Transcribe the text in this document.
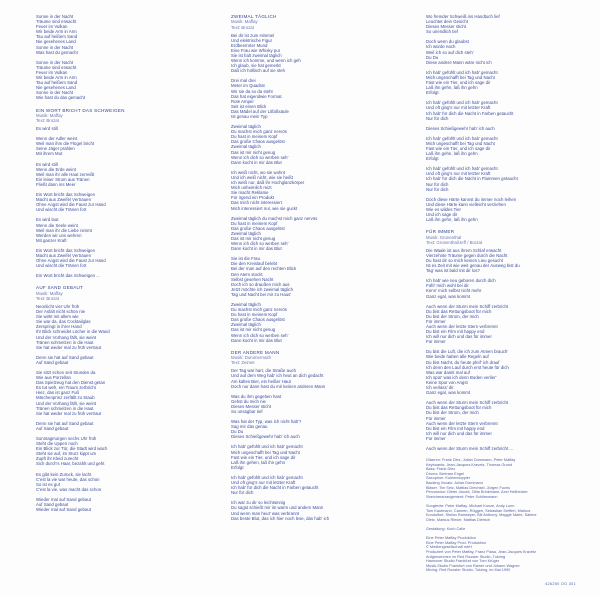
Sonne in der Nacht
Träume sind erwacht
Feuer im Vulkan
Wir beide Arm in Arm
Tau auf heißem Sand
Nie gesehenes Land
Sonne in der Nacht
Was hast du gemacht
Sonne in der Nacht
Träume sind erwacht
Feuer im Vulkan
Wir beide Arm in Arm
Tau auf heißem Sand
Nie gesehenes Land
Sonne in der Nacht
Wie hast du das gemacht
EIN WORT BRICHT DAS SCHWEIGEN
Musik: Maffay
Text: Brozat
Es wird still
Wenn der Adler weint
Weil man ihm die Flügel bricht
Seine Jäger prahlen
Mit ihrem Mut
Es wird still
Wenn die Erde weint
Weil man ihr alle Haut zerreißt
Ein leiser Strom aus Tränen
Fließt dann ins Meer
Ein Wort bricht das Schweigen
Macht aus Zweifel Vertrauen
Ohne Angst wird die Faust zur Hand
Und wischt die Tränen fort
Es wird laut
Wenn die Seele weint
Weil man ihr die Liebe nimmt
Werden wir uns wehren
Mit ganzer Kraft
Ein Wort bricht das Schweigen
Macht aus Zweifel Vertrauen
Ohne Angst wird die Faust zur Hand
Und wischt die Tränen fort
Ein Wort bricht das Schweigen ...
AUF SAND GEBAUT
Musik: Maffay
Text: Brozat
Neonlicht vier Uhr früh
Der Asfalt nicht schön nie
Sie wirkt mit allem wie
Sie war da, das Cocktailglas
Zerspringt in ihrer Hand
Ihr Blick schneidet Löcher in die Wand
Und der Vorhang fällt, sie weint
Tränen schmelzen in die Haut
Sie hat weder mal zu früh vertraut
Denn sie hat auf Sand gebaut
Auf Sand gebaut
Sie sitzt schon seit Stunden da
Wie aus Porzellan
Das Spielzeug hat den Dienst getan
Es tut weh, ein Traum zerbricht
Hiez, das ist ganz Fuß
Märchenprinz zerfällt zu Staub
Und der Vorhang fällt, sie weint
Tränen schmelzen in die Haut
Sie hat weder mal zu früh vertraut
Denn sie hat auf Sand gebaut
Auf Sand gebaut
Sonntagmorgen sechs Uhr früh
Steht die Uppen noch
Ein Blick zur Tür, die Stadt wird wach
Steht sie auf, im Sturz kippt um
Zupft ihr Kleid zurecht
Sich durch's Haar, bezahlt und geht
Es gibt kein Zurück, sie lacht
C'est la vie war heute, das schon
So ist es gut
C'est la vie, was macht das schon
Wieder mal auf Sand gebaut
Auf Sand gebaut
Wieder mal auf Sand gebaut
ZWEIMAL TÄGLICH
Musik: Maffay
Text: Brozat
Bei dir ist zum Himmel
Und elektrische Figur
Erdbeerroter Mund
Eine Frau wie Whisky pur
Sie ist halt zweimal täglich
Wenn ich komme, und wenn ich geh
Ich glaub, sie hat gemerkt
Daß ich höllisch auf sie steh
Drei mal drei
Meter im Quadrat
Wir sie da so da steht
Das hat eigendwie Format
Rote Ampel
Seit ist einen Blick
Das Mädel auf der Litfaßsäule
Ist genau mein Typ
Zweimal täglich
Du machst mich ganz nervös
Du hast in meinem Kopf
Das große Chaos ausgelöst
Zweimal täglich
Das ist mir nicht genug
Wenn ich dich so werben seh'
Dann kocht in mir das Blut
Ich weiß nicht, wo sie wohnt
Und ich weiß nicht, wie sie heißt
Ich weiß nur, daß ihr Hochglanzkörper
Mich unheimlich reizt
Sie macht Reklame
Für irgend ein Produkt
Das mich nicht interessiert
Mich interessiert nur, wie sie guckt
Zweimal täglich du machst mich ganz nervös
Du hast in meinem Kopf
Das große Chaos ausgelöst
Zweimal täglich
Das ist mir nicht genug
Wenn ich dich so werben seh'
Dann kocht in mir das Blut
Sie ist die Frau
Die den Kreislauf belebt
Bei der man auf den rechten Blick
Den Atem stockt
Selbst gesehen Nacht
Doch ich so draußen mich aus
Jetzt möchte ich zweimal täglich
Tag und Nacht bei mir zu Haus'
Zweimal täglich
Du machst mich ganz nervös
Du hast in meinem Kopf
Das große Chaos ausgelöst
Zweimal täglich
Das ist mir nicht genug
Wenn ich dich so werben seh'
Dann kocht in mir das Blut
DER ANDERE MANN
Musik: Dommermuth
Text: Zeimet
Der Tag war hart, die Straße auch
Und auf dem Weg hab' ich heut an dich gedacht
Am kaltes Bier, ein heißer Haut
Doch nur dann hast du mir keinen anderen Mann
Was du ihm gegeben hast
Gehst du mich nie
Dieses Messer sticht
So unsagbar tief
Was hat der Typ, was ich nicht hab'?
Sag mir das genau
Du Du
Dieses Schießgewehr hab' ich auch
Ich hab' gefühlt und ich hab' gemacht
Mich ungeschafft bei Tag und Nacht
Fast wie ein Tier, und ich sage dir
Laß ihn gehen, laß ihn gehn
Erfolgt
Ich hab' gefühlt und ich hab' gemacht
Und oft ging's nur mit letzter Kraft
Ich hab' für dich die Nacht in Farben getaucht
Nur für dich
Ich war zu dir so leichtsinnig
Du sagst schießt mir im warm und andern Mann
Und wenn man heut' was verbrannt
Das beste Blut, das ich hier noch lese, das hab' ich
Wo fremder Schweiß ins Handtuch lief
Leuchtet dein Gesicht
Dieses Messer sticht
So unendlich tief
Doch wenn du glaubst
Ich würde nach
Weil ich so auf dich steh'
Du Du
Diese andere Mann wäre nicht ich
Ich hab' gefühlt und ich hab' gemacht
Mich ungeschafft bei Tag und Nacht
Fast wie ein Tier, und ich sage dir
Laß ihn gehn, laß ihn gehn
Erfolgt
Ich hab' gefühlt und ich hab' gemacht
Und oft ging's nur mit letzter Kraft
Ich hab' für dich die Nacht in Farben getaucht
Nur für dich
Dieses Schießgewehr hab' ich auch
Ich hab' gefühlt und ich hab' gemacht
Mich ungeschafft bei Tag und Nacht
Fast wie ein Tier, und ich sage dir
Laß ihn gehn, laß ihn gehn
Erfolgt
Ich hab' gefühlt und ich hab' gemacht
Und oft ging's nur mit letzter Kraft
Ich hab' für dich die Nacht in Flammen getaucht
Nur für dich
Nur für dich
Doch diese Härte kannst du immer noch leihen
Und diese Härte kann vielleicht verziehen
Wie es wildes Tier
Und ich sage dir
Laß ihn gehn, laß ihn gehn
FÜR IMMER
Musik: Gronenthal
Text: Gronenthal/Jeff / Brozat
Die Waale ist aus ihrem Schlaf erwacht
Vierzehnte Träume gegen durch die Nacht
Du hast dir so mich keinen Lieu gesucht
Ist es Zeit mit wie weit genau der Ausweg bist du
Tag' was ist bald mit dir los?
Ich hab' wie neu geboren durch dich
Fühl' mich wohl bei dir
Kenn' mich selbst nicht mehr
Ganz egal, was kommt
Auch wenn der Sturm mein Schiff zerbricht
Du bist das Rettungsboot für mich
Du bist der Strom, der mich
Für immer
Auch wenn der letzte Stern verbrennt
Du bist ein Film mit happy end
Ich will nur dich und das für immer
Für immer
Du bist die Luft, die ich zum Atmen brauch'
Wie beide haben alle Regeln auf
Du bist Nacht, du heute pfeif' ich drauf
Ich denn den Lauf durch erst heute für dich
Was war damit mal auf
Ich spür' was ich denn Boden verlier'
Keine Spur von Angst
Ich verlass' dir
Ganz egal, was kommt
Auch wenn der Sturm mein Schiff zerbricht
Du bist das Rettungsboot für mich
Du bist der Strom, der mich
Für immer
Auch wenn der letzte Stern verbrennt
Du bist ein Film mit happy end
Ich will nur dich und das für immer
Für immer
Auch wenn der Sturm mein Schiff zerbricht ...
Gitarren: Frank Diez, Julian Dommann, Peter Maffay
Keyboards: Jean-Jacques Kravetz, Thomas Grond
Bass: Frank Diez
Drums: Bertram Engel
Saxophon: Kuhlendoppler
Backing Vocals: Julian Dommann
Bläser: Tim Seiz, Mattias Drechsel, Jürgen Fuchs
Percussion: Dieter Jacobi, Gitta Brinkmann, Axel Heilhecker
Streicherarrangement: Peter Schliesmann

Songtexte: Peter Maffay, Michael Kunze, Andy Lunn
Tom Kaufmann, Carmen, Rüggen, Sebastian Seiffert, Markus
Kondolfort, Stefan Ramseyer, Bill Anthony, Maggie Marie, Sabine
Dietz, Markus Rieser, Mattias Dietrich

Gestaltung: Koch Calle

Eine Peter Maffay Produktion
Eine Peter Maffay Prod. Produktion
© Mediengesellschaft mbH
Produziert von Peter Maffay, Franz Plasa, Jean-Jacques Kravetz
Aufgenommen im Red Rooster Studio, Tutzing
Hannover Studio Frankfurt von Tom Krüger
Musik-Studio Frankfurt von Rainer und Johann Wagner
Mixing: Red Rooster Studio, Tutzing, im Mai 1990
426250 OG 301
